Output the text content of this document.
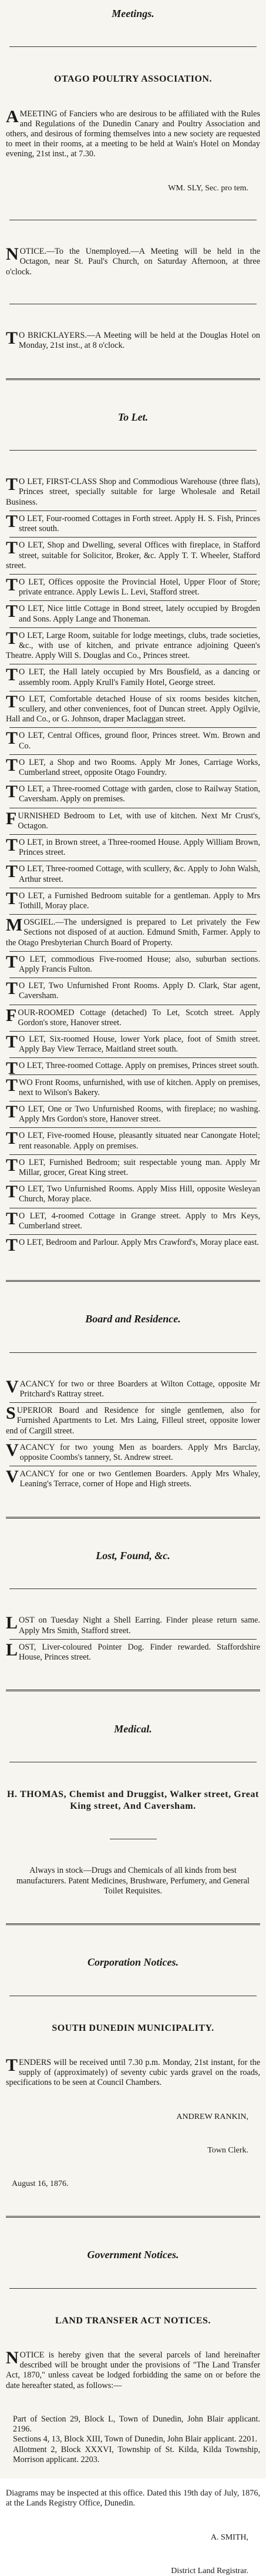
Meetings.
OTAGO POULTRY ASSOCIATION.
AMEETING of Fanciers who are desirous to be affiliated with the Rules and Regulations of the Dunedin Canary and Poultry Association and others, and desirous of forming themselves into a new society are requested to meet in their rooms, at a meeting to be held at Wain's Hotel on Monday evening, 21st inst., at 7.30.
WM. SLY, Sec. pro tem.
NOTICE.—To the Unemployed.—A Meeting will be held in the Octagon, near St. Paul's Church, on Saturday Afternoon, at three o'clock.
TO BRICKLAYERS.—A Meeting will be held at the Douglas Hotel on Monday, 21st inst., at 8 o'clock.
To Let.
TO LET, FIRST-CLASS Shop and Commodious Warehouse (three flats), Princes street, specially suitable for large Wholesale and Retail Business.
TO LET, Four-roomed Cottages in Forth street. Apply H. S. Fish, Princes street south.
TO LET, Shop and Dwelling, several Offices with fireplace, in Stafford street, suitable for Solicitor, Broker, &c. Apply T. T. Wheeler, Stafford street.
TO LET, Offices opposite the Provincial Hotel, Upper Floor of Store; private entrance. Apply Lewis L. Levi, Stafford street.
TO LET, Nice little Cottage in Bond street, lately occupied by Brogden and Sons. Apply Lange and Thoneman.
TO LET, Large Room, suitable for lodge meetings, clubs, trade societies, &c., with use of kitchen, and private entrance adjoining Queen's Theatre. Apply Will S. Douglas and Co., Princes street.
TO LET, the Hall lately occupied by Mrs Bousfield, as a dancing or assembly room. Apply Krull's Family Hotel, George street.
TO LET, Comfortable detached House of six rooms besides kitchen, scullery, and other conveniences, foot of Duncan street. Apply Ogilvie, Hall and Co., or G. Johnson, draper Maclaggan street.
TO LET, Central Offices, ground floor, Princes street. Wm. Brown and Co.
TO LET, a Shop and two Rooms. Apply Mr Jones, Carriage Works, Cumberland street, opposite Otago Foundry.
TO LET, a Three-roomed Cottage with garden, close to Railway Station, Caversham. Apply on premises.
FURNISHED Bedroom to Let, with use of kitchen. Next Mr Crust's, Octagon.
TO LET, in Brown street, a Three-roomed House. Apply William Brown, Princes street.
TO LET, Three-roomed Cottage, with scullery, &c. Apply to John Walsh, Arthur street.
TO LET, a Furnished Bedroom suitable for a gentleman. Apply to Mrs Tothill, Moray place.
MOSGIEL.—The undersigned is prepared to Let privately the Few Sections not disposed of at auction. Edmund Smith, Farmer. Apply to the Otago Presbyterian Church Board of Property.
TO LET, commodious Five-roomed House; also, suburban sections. Apply Francis Fulton.
TO LET, Two Unfurnished Front Rooms. Apply D. Clark, Star agent, Caversham.
FOUR-ROOMED Cottage (detached) To Let, Scotch street. Apply Gordon's store, Hanover street.
TO LET, Six-roomed House, lower York place, foot of Smith street. Apply Bay View Terrace, Maitland street south.
TO LET, Three-roomed Cottage. Apply on premises, Princes street south.
TWO Front Rooms, unfurnished, with use of kitchen. Apply on premises, next to Wilson's Bakery.
TO LET, One or Two Unfurnished Rooms, with fireplace; no washing. Apply Mrs Gordon's store, Hanover street.
TO LET, Five-roomed House, pleasantly situated near Canongate Hotel; rent reasonable. Apply on premises.
TO LET, Furnished Bedroom; suit respectable young man. Apply Mr Millar, grocer, Great King street.
TO LET, Two Unfurnished Rooms. Apply Miss Hill, opposite Wesleyan Church, Moray place.
TO LET, 4-roomed Cottage in Grange street. Apply to Mrs Keys, Cumberland street.
TO LET, Bedroom and Parlour. Apply Mrs Crawford's, Moray place east.
Board and Residence.
VACANCY for two or three Boarders at Wilton Cottage, opposite Mr Pritchard's Rattray street.
SUPERIOR Board and Residence for single gentlemen, also for Furnished Apartments to Let. Mrs Laing, Filleul street, opposite lower end of Cargill street.
VACANCY for two young Men as boarders. Apply Mrs Barclay, opposite Coombs's tannery, St. Andrew street.
VACANCY for one or two Gentlemen Boarders. Apply Mrs Whaley, Leaning's Terrace, corner of Hope and High streets.
Lost, Found, &c.
LOST on Tuesday Night a Shell Earring. Finder please return same. Apply Mrs Smith, Stafford street.
LOST, Liver-coloured Pointer Dog. Finder rewarded. Staffordshire House, Princes street.
Medical.
H. THOMAS, Chemist and Druggist, Walker street, Great King street, And Caversham.
Always in stock—Drugs and Chemicals of all kinds from best manufacturers. Patent Medicines, Brushware, Perfumery, and General Toilet Requisites.
Corporation Notices.
SOUTH DUNEDIN MUNICIPALITY.
TENDERS will be received until 7.30 p.m. Monday, 21st instant, for the supply of (approximately) of seventy cubic yards gravel on the roads, specifications to be seen at Council Chambers.
ANDREW RANKIN,
Town Clerk.
August 16, 1876.
Government Notices.
LAND TRANSFER ACT NOTICES.
NOTICE is hereby given that the several parcels of land hereinafter described will be brought under the provisions of "The Land Transfer Act, 1870," unless caveat be lodged forbidding the same on or before the date hereafter stated, as follows:—
Part of Section 29, Block L, Town of Dunedin, John Blair applicant. 2196.
Sections 4, 13, Block XIII, Town of Dunedin, John Blair applicant. 2201.
Allotment 2, Block XXXVI, Township of St. Kilda, Kilda Township, Morrison applicant. 2203.
Diagrams may be inspected at this office. Dated this 19th day of July, 1876, at the Lands Registry Office, Dunedin.
A. SMITH,
District Land Registrar.
